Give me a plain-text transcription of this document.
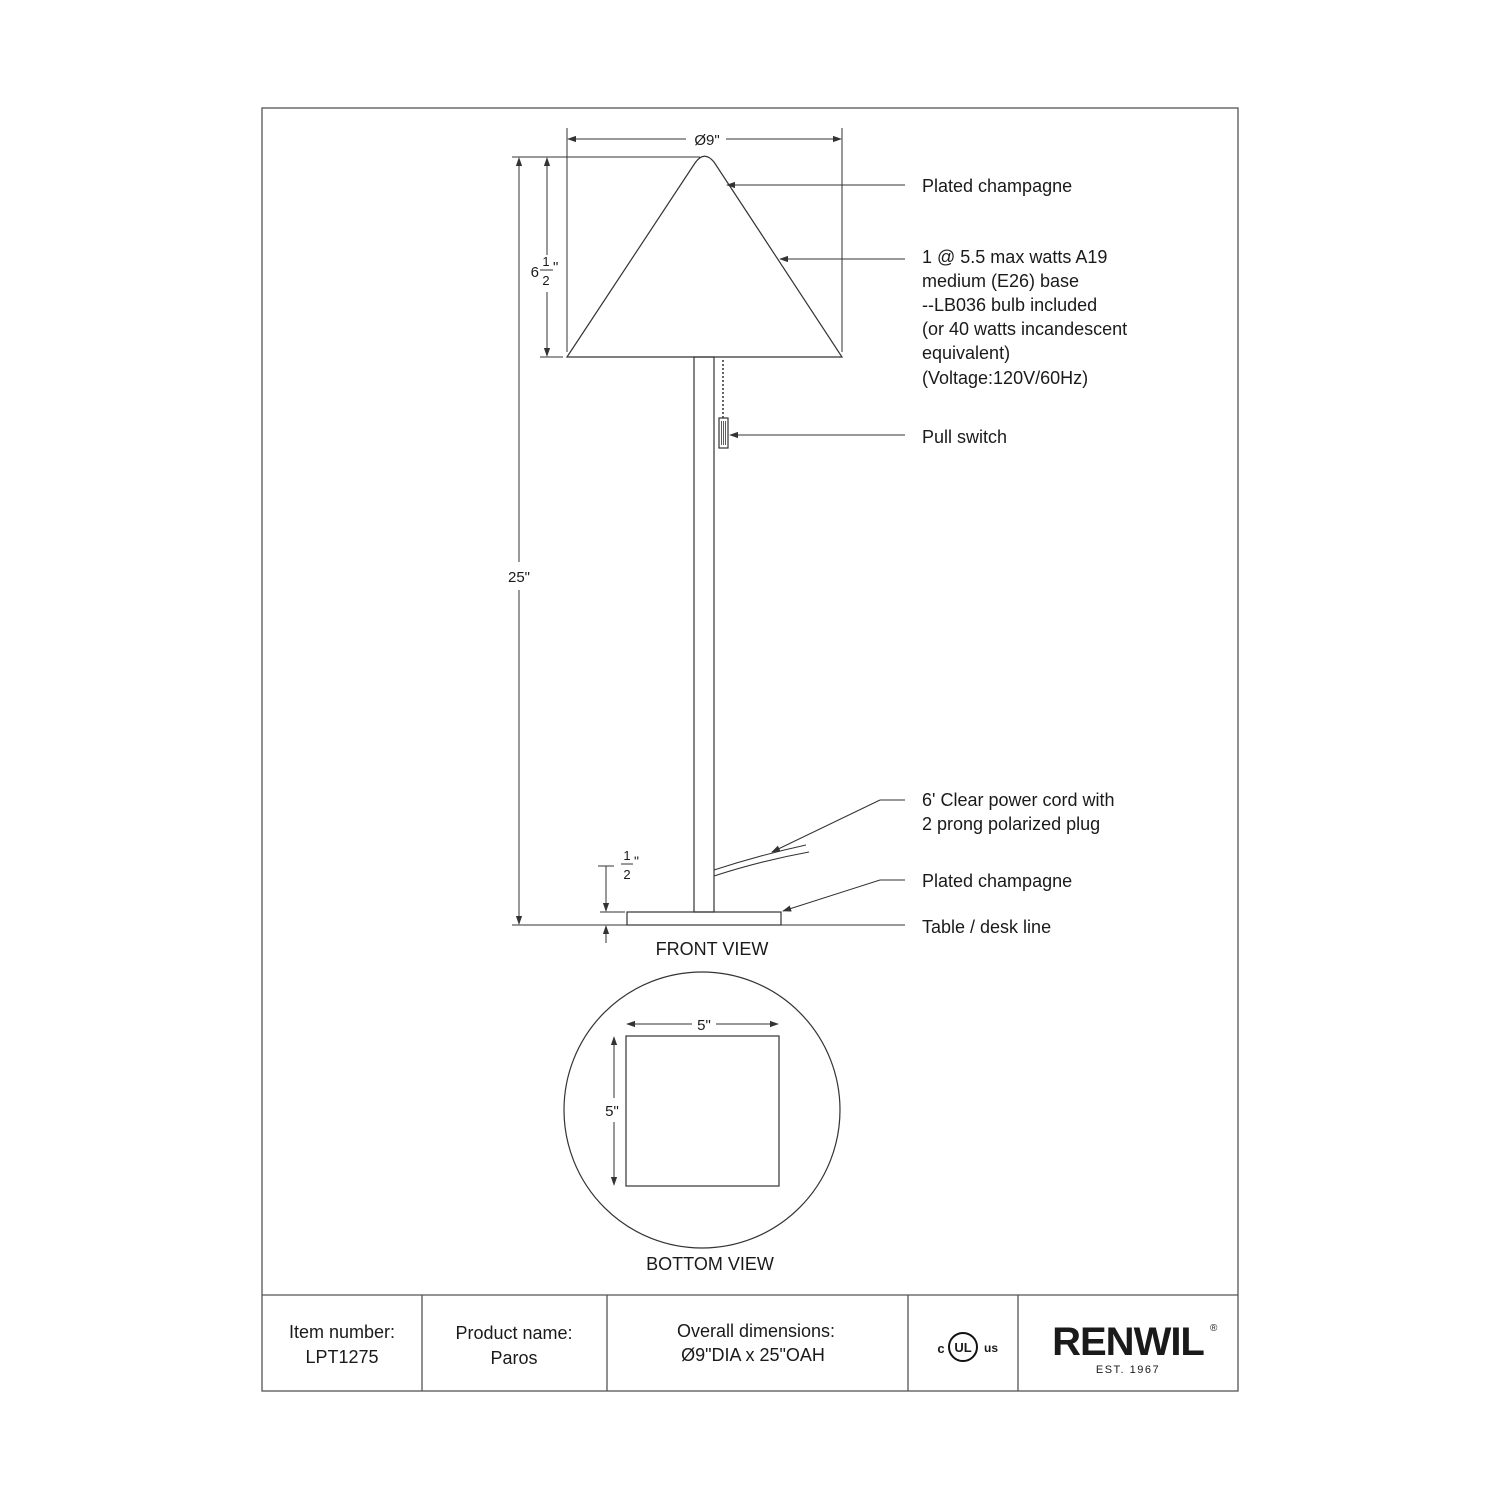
Ø9"
6
1
2
"
25"
1
2
"
Plated champagne
1 @ 5.5 max watts A19
medium (E26) base
--LB036 bulb included
(or 40 watts incandescent
equivalent)
(Voltage:120V/60Hz)
Pull switch
6' Clear power cord with
2 prong polarized plug
Plated champagne
Table / desk line
FRONT VIEW
5"
5"
BOTTOM VIEW
Item number:
LPT1275
Product name:
Paros
Overall dimensions:
Ø9"DIA x 25"OAH	c UL us RENWIL ®
EST. 1967
